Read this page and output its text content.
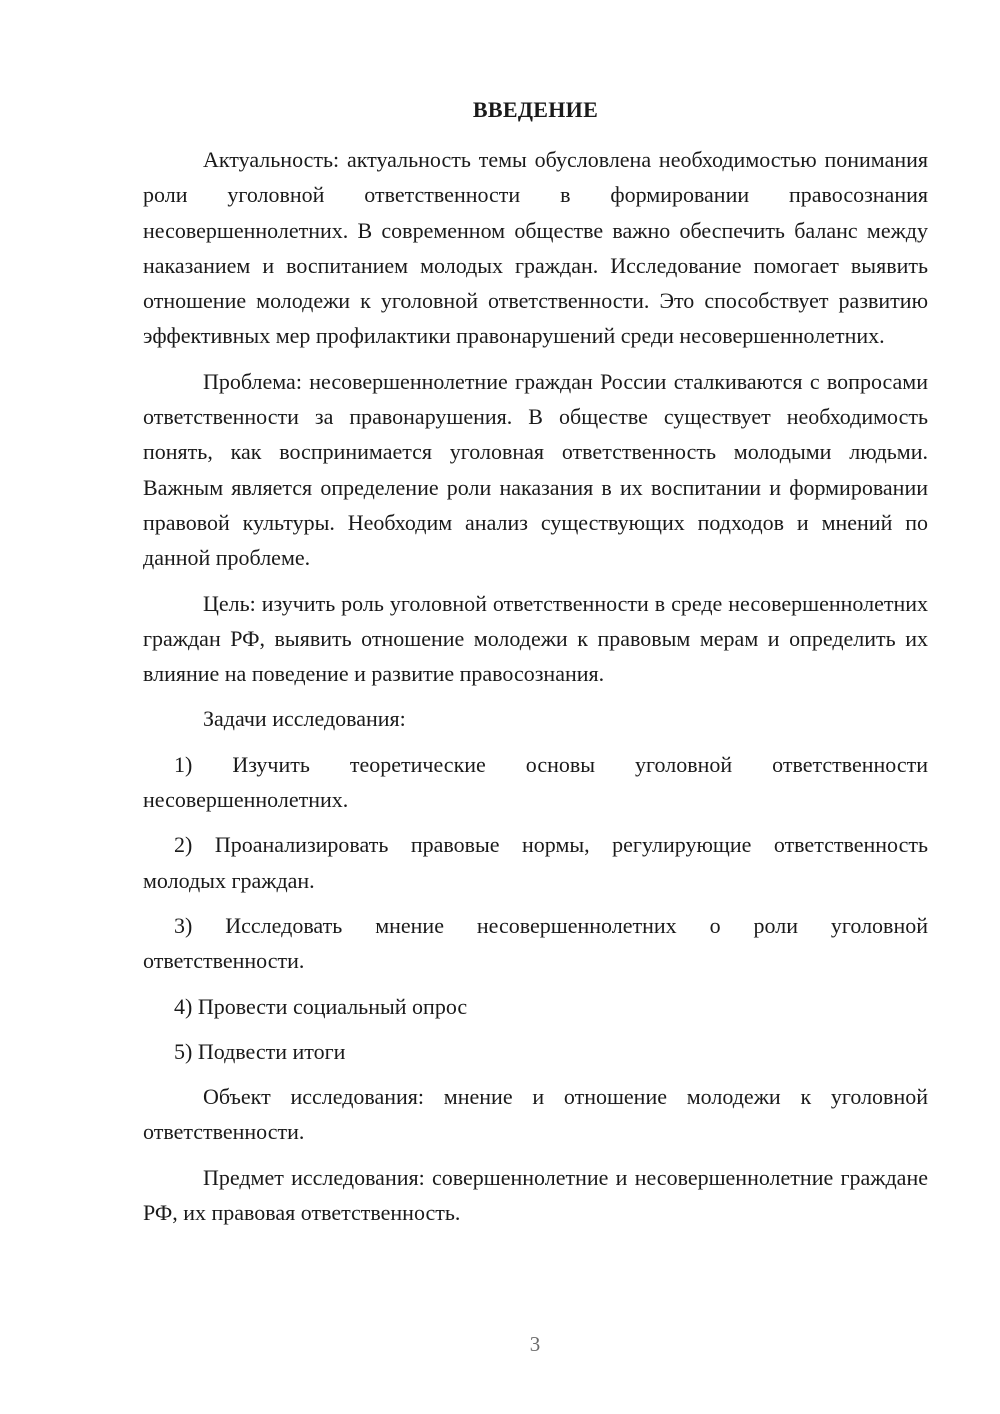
ВВЕДЕНИЕ

Актуальность: актуальность темы обусловлена необходимостью понимания роли уголовной ответственности в формировании правосознания несовершеннолетних. В современном обществе важно обеспечить баланс между наказанием и воспитанием молодых граждан. Исследование помогает выявить отношение молодежи к уголовной ответственности. Это способствует развитию эффективных мер профилактики правонарушений среди несовершеннолетних.

Проблема: несовершеннолетние граждан России сталкиваются с вопросами ответственности за правонарушения. В обществе существует необходимость понять, как воспринимается уголовная ответственность молодыми людьми. Важным является определение роли наказания в их воспитании и формировании правовой культуры. Необходим анализ существующих подходов и мнений по данной проблеме.

Цель: изучить роль уголовной ответственности в среде несовершеннолетних граждан РФ, выявить отношение молодежи к правовым мерам и определить их влияние на поведение и развитие правосознания.

Задачи исследования:

1) Изучить теоретические основы уголовной ответственности несовершеннолетних.

2) Проанализировать правовые нормы, регулирующие ответственность молодых граждан.

3) Исследовать мнение несовершеннолетних о роли уголовной ответственности.

4) Провести социальный опрос

5) Подвести итоги

Объект исследования: мнение и отношение молодежи к уголовной ответственности.

Предмет исследования: совершеннолетние и несовершеннолетние граждане РФ, их правовая ответственность.

3
